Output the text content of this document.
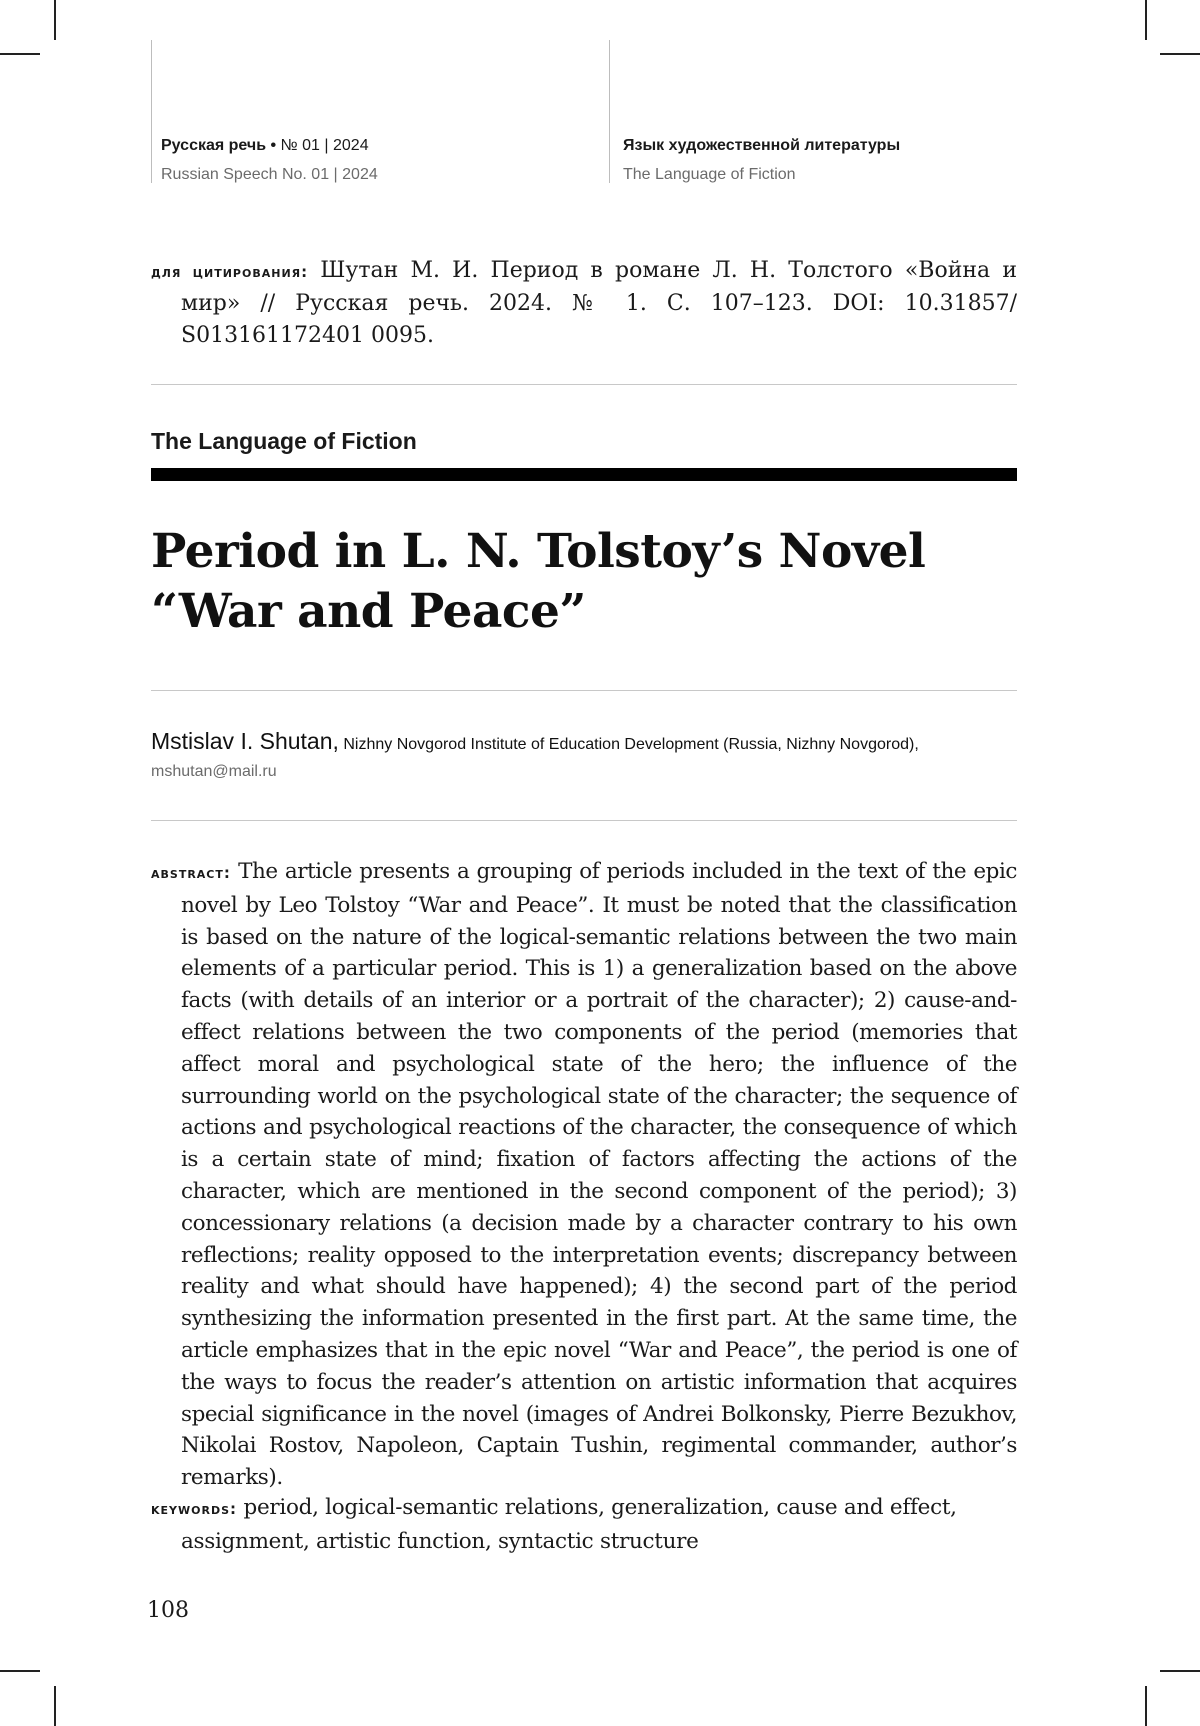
Русская речь • № 01 | 2024
Russian Speech No. 01 | 2024
Язык художественной литературы
The Language of Fiction
для цитирования: Шутан М. И. Период в романе Л. Н. Толстого «Война и мир» // Русская речь. 2024. № 1. С. 107–123. DOI: 10.31857/ S013161172401 0095.
The Language of Fiction
Period in L. N. Tolstoy’s Novel
“War and Peace”
Mstislav I. Shutan, Nizhny Novgorod Institute of Education Development (Russia, Nizhny Novgorod),
mshutan@mail.ru
abstract: The article presents a grouping of periods included in the text of the epic novel by Leo Tolstoy “War and Peace”. It must be noted that the classification is based on the nature of the logical-semantic relations between the two main elements of a particular period. This is 1) a generalization based on the above facts (with details of an interior or a portrait of the character); 2) cause-and-effect relations between the two components of the period (memories that affect moral and psychological state of the hero; the influence of the surrounding world on the psychological state of the character; the sequence of actions and psychological reactions of the character, the consequence of which is a certain state of mind; fixation of factors affecting the actions of the character, which are mentioned in the second component of the period); 3) concessionary relations (a decision made by a character contrary to his own reflections; reality opposed to the interpretation events; discrepancy between reality and what should have happened); 4) the second part of the period synthesizing the information presented in the first part. At the same time, the article emphasizes that in the epic novel “War and Peace”, the period is one of the ways to focus the reader’s attention on artistic information that acquires special significance in the novel (images of Andrei Bolkonsky, Pierre Bezukhov, Nikolai Rostov, Napoleon, Captain Tushin, regimental commander, author’s remarks).
keywords: period, logical-semantic relations, generalization, cause and effect, assignment, artistic function, syntactic structure
108
